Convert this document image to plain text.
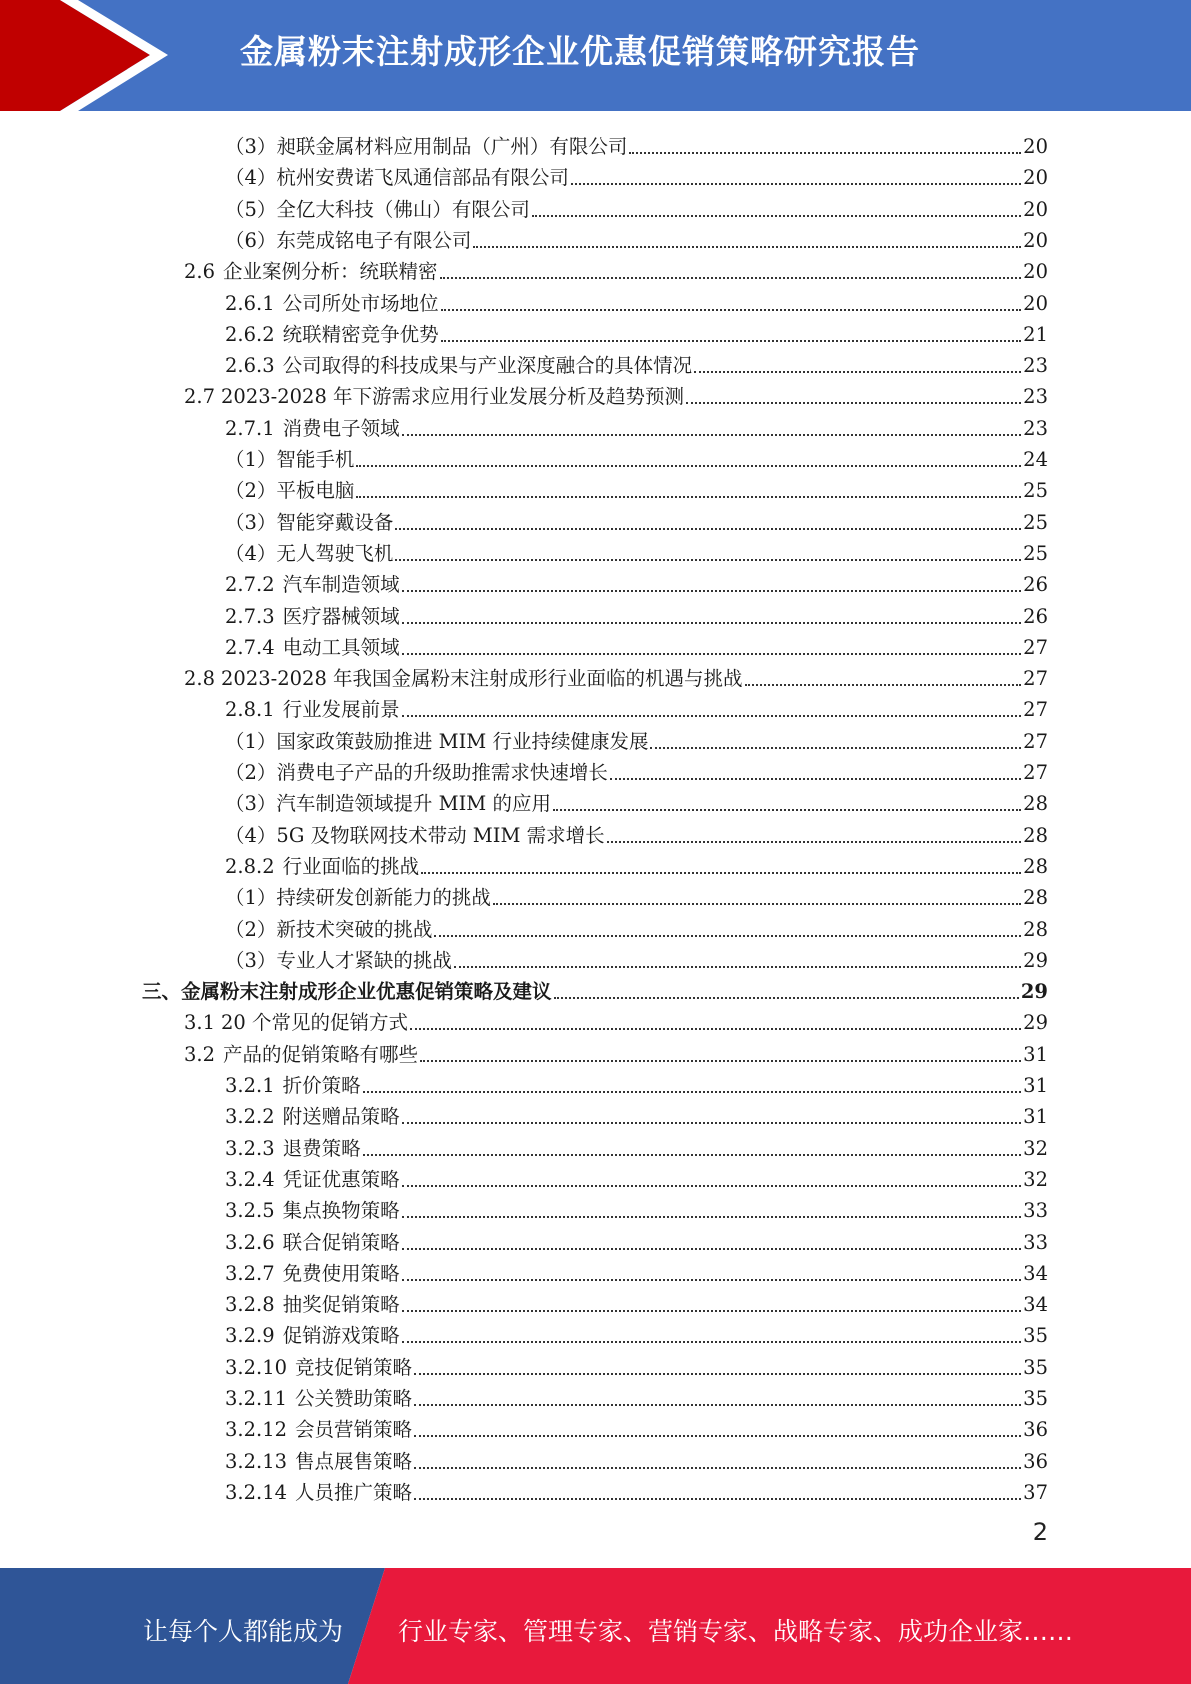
金属粉末注射成形企业优惠促销策略研究报告
（3）昶联金属材料应用制品（广州）有限公司	20
（4）杭州安费诺飞凤通信部品有限公司	20
（5）全亿大科技（佛山）有限公司	20
（6）东莞成铭电子有限公司	20
2.6 企业案例分析：统联精密	20
2.6.1 公司所处市场地位	20
2.6.2 统联精密竞争优势	21
2.6.3 公司取得的科技成果与产业深度融合的具体情况	23
2.7 2023-2028 年下游需求应用行业发展分析及趋势预测	23
2.7.1 消费电子领域	23
（1）智能手机	24
（2）平板电脑	25
（3）智能穿戴设备	25
（4）无人驾驶飞机	25
2.7.2 汽车制造领域	26
2.7.3 医疗器械领域	26
2.7.4 电动工具领域	27
2.8 2023-2028 年我国金属粉末注射成形行业面临的机遇与挑战	27
2.8.1 行业发展前景	27
（1）国家政策鼓励推进 MIM 行业持续健康发展	27
（2）消费电子产品的升级助推需求快速增长	27
（3）汽车制造领域提升 MIM 的应用	28
（4）5G 及物联网技术带动 MIM 需求增长	28
2.8.2 行业面临的挑战	28
（1）持续研发创新能力的挑战	28
（2）新技术突破的挑战	28
（3）专业人才紧缺的挑战	29
三、金属粉末注射成形企业优惠促销策略及建议	29
3.1 20 个常见的促销方式	29
3.2 产品的促销策略有哪些	31
3.2.1 折价策略	31
3.2.2 附送赠品策略	31
3.2.3 退费策略	32
3.2.4 凭证优惠策略	32
3.2.5 集点换物策略	33
3.2.6 联合促销策略	33
3.2.7 免费使用策略	34
3.2.8 抽奖促销策略	34
3.2.9 促销游戏策略	35
3.2.10 竞技促销策略	35
3.2.11 公关赞助策略	35
3.2.12 会员营销策略	36
3.2.13 售点展售策略	36
3.2.14 人员推广策略	37
2
让每个人都能成为 行业专家、管理专家、营销专家、战略专家、成功企业家……
